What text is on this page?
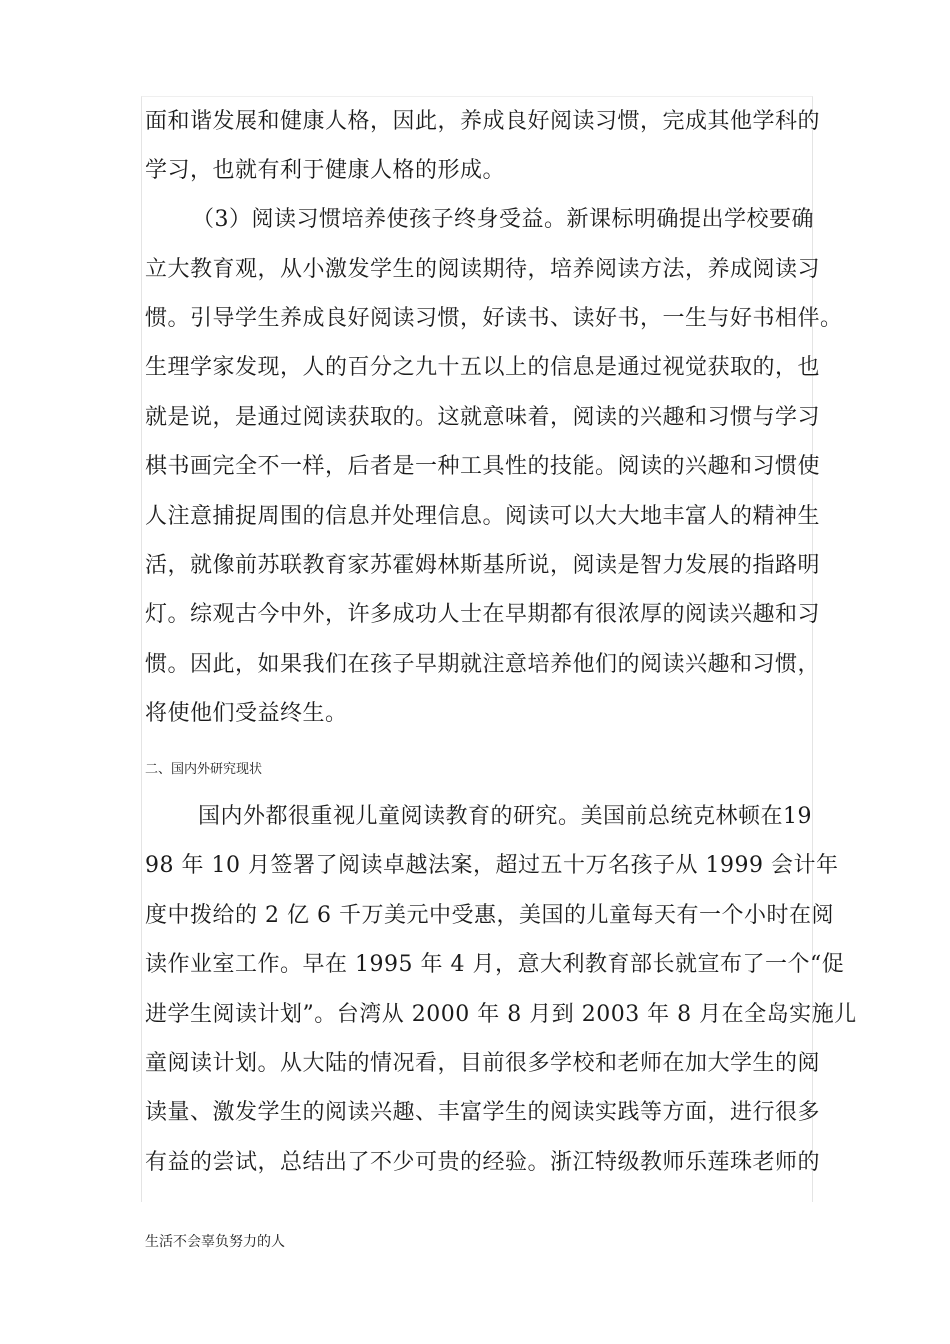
面和谐发展和健康人格，因此，养成良好阅读习惯，完成其他学科的
学习，也就有利于健康人格的形成。
（3）阅读习惯培养使孩子终身受益。新课标明确提出学校要确
立大教育观，从小激发学生的阅读期待，培养阅读方法，养成阅读习
惯。引导学生养成良好阅读习惯，好读书、读好书，一生与好书相伴。
生理学家发现，人的百分之九十五以上的信息是通过视觉获取的，也
就是说，是通过阅读获取的。这就意味着，阅读的兴趣和习惯与学习
棋书画完全不一样，后者是一种工具性的技能。阅读的兴趣和习惯使
人注意捕捉周围的信息并处理信息。阅读可以大大地丰富人的精神生
活，就像前苏联教育家苏霍姆林斯基所说，阅读是智力发展的指路明
灯。综观古今中外，许多成功人士在早期都有很浓厚的阅读兴趣和习
惯。因此，如果我们在孩子早期就注意培养他们的阅读兴趣和习惯，
将使他们受益终生。
二、国内外研究现状
国内外都很重视儿童阅读教育的研究。美国前总统克林顿在19
98 年 10 月签署了阅读卓越法案，超过五十万名孩子从 1999 会计年
度中拨给的 2 亿 6 千万美元中受惠，美国的儿童每天有一个小时在阅
读作业室工作。早在 1995 年 4 月，意大利教育部长就宣布了一个“促
进学生阅读计划”。台湾从 2000 年 8 月到 2003 年 8 月在全岛实施儿
童阅读计划。从大陆的情况看，目前很多学校和老师在加大学生的阅
读量、激发学生的阅读兴趣、丰富学生的阅读实践等方面，进行很多
有益的尝试，总结出了不少可贵的经验。浙江特级教师乐莲珠老师的
生活不会辜负努力的人
